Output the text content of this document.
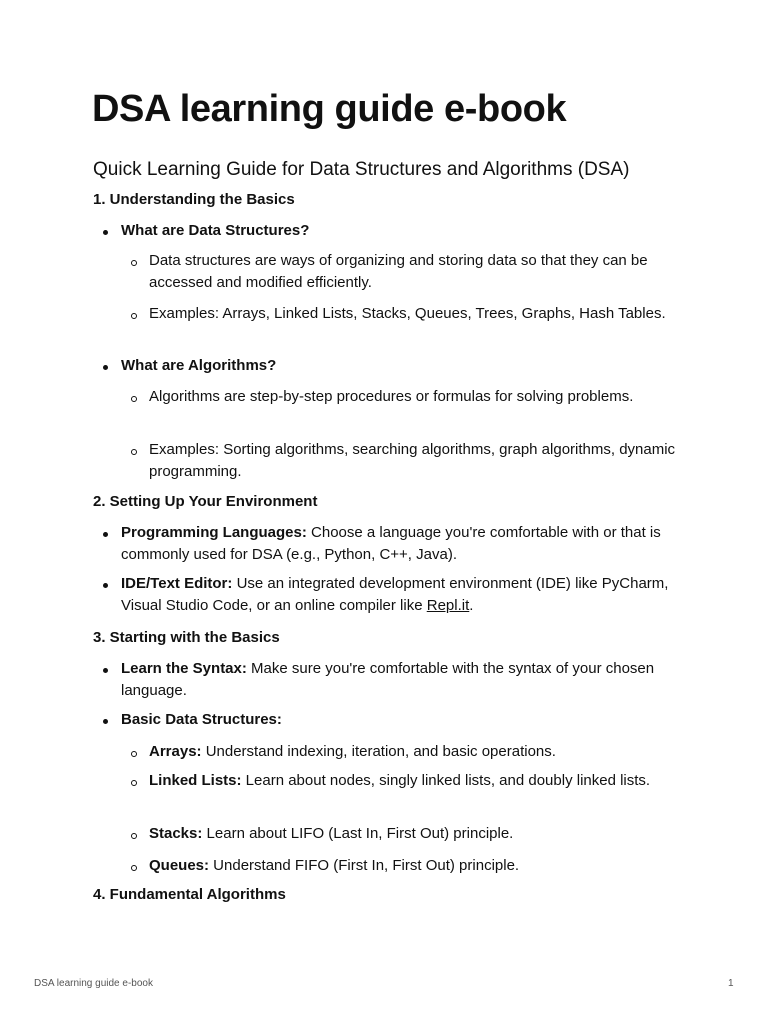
DSA learning guide e-book
Quick Learning Guide for Data Structures and Algorithms (DSA)

1. Understanding the Basics

What are Data Structures?

Data structures are ways of organizing and storing data so that they can be accessed and modified efficiently.

Examples: Arrays, Linked Lists, Stacks, Queues, Trees, Graphs, Hash Tables.

What are Algorithms?

Algorithms are step-by-step procedures or formulas for solving problems.

Examples: Sorting algorithms, searching algorithms, graph algorithms, dynamic programming.

2. Setting Up Your Environment

Programming Languages: Choose a language you're comfortable with or that is commonly used for DSA (e.g., Python, C++, Java).

IDE/Text Editor: Use an integrated development environment (IDE) like PyCharm, Visual Studio Code, or an online compiler like Repl.it.

3. Starting with the Basics

Learn the Syntax: Make sure you're comfortable with the syntax of your chosen language.

Basic Data Structures:

Arrays: Understand indexing, iteration, and basic operations.

Linked Lists: Learn about nodes, singly linked lists, and doubly linked lists.

Stacks: Learn about LIFO (Last In, First Out) principle.

Queues: Understand FIFO (First In, First Out) principle.

4. Fundamental Algorithms

DSA learning guide e-book	1
